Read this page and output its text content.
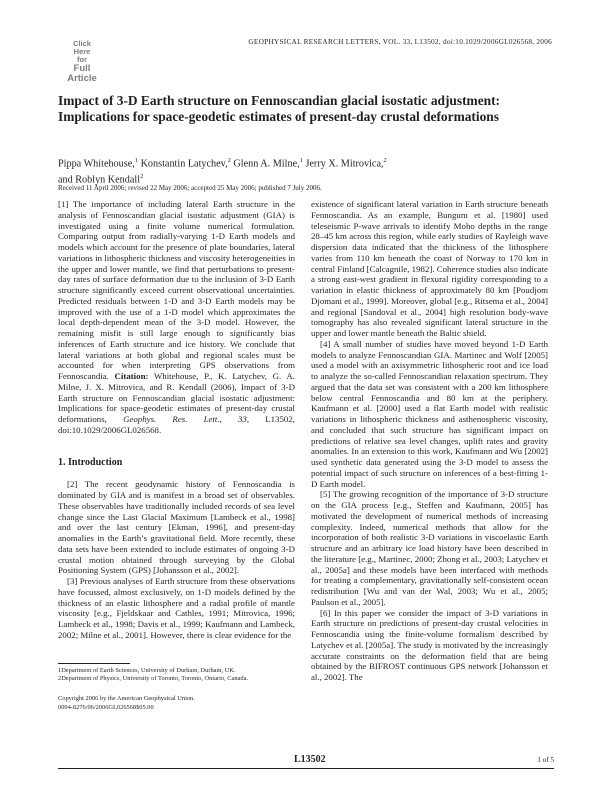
Click
Here
for
Full
Article
GEOPHYSICAL RESEARCH LETTERS, VOL. 33, L13502, doi:10.1029/2006GL026568, 2006
Impact of 3-D Earth structure on Fennoscandian glacial isostatic adjustment: Implications for space-geodetic estimates of present-day crustal deformations
Pippa Whitehouse,$^1$ Konstantin Latychev,$^2$ Glenn A. Milne,$^1$ Jerry X. Mitrovica,$^2$
and Roblyn Kendall$^2$
Received 11 April 2006; revised 22 May 2006; accepted 25 May 2006; published 7 July 2006.

[1] The importance of including lateral Earth structure in the analysis of Fennoscandian glacial isostatic adjustment (GIA) is investigated using a finite volume numerical formulation. Comparing output from radially-varying 1-D Earth models and models which account for the presence of plate boundaries, lateral variations in lithospheric thickness and viscosity heterogeneities in the upper and lower mantle, we find that perturbations to present-day rates of surface deformation due to the inclusion of 3-D Earth structure significantly exceed current observational uncertainties. Predicted residuals between 1-D and 3-D Earth models may be improved with the use of a 1-D model which approximates the local depth-dependent mean of the 3-D model. However, the remaining misfit is still large enough to significantly bias inferences of Earth structure and ice history. We conclude that lateral variations at both global and regional scales must be accounted for when interpreting GPS observations from Fennoscandia. Citation: Whitehouse, P., K. Latychev, G. A. Milne, J. X. Mitrovica, and R. Kendall (2006), Impact of 3-D Earth structure on Fennoscandian glacial isostatic adjustment: Implications for space-geodetic estimates of present-day crustal deformations, Geophys. Res. Lett., 33, L13502, doi:10.1029/2006GL026568.

1. Introduction

[2] The recent geodynamic history of Fennoscandia is dominated by GIA and is manifest in a broad set of observables. These observables have traditionally included records of sea level change since the Last Glacial Maximum [Lambeck et al., 1998] and over the last century [Ekman, 1996], and present-day anomalies in the Earth’s gravitational field. More recently, these data sets have been extended to include estimates of ongoing 3-D crustal motion obtained through surveying by the Global Positioning System (GPS) [Johansson et al., 2002].

[3] Previous analyses of Earth structure from these observations have focussed, almost exclusively, on 1-D models defined by the thickness of an elastic lithosphere and a radial profile of mantle viscosity [e.g., Fjeldskaar and Cathles, 1991; Mitrovica, 1996; Lambeck et al., 1998; Davis et al., 1999; Kaufmann and Lambeck, 2002; Milne et al., 2001]. However, there is clear evidence for the

existence of significant lateral variation in Earth structure beneath Fennoscandia. As an example, Bungum et al. [1980] used teleseismic P-wave arrivals to identify Moho depths in the range 28–45 km across this region, while early studies of Rayleigh wave dispersion data indicated that the thickness of the lithosphere varies from 110 km beneath the coast of Norway to 170 km in central Finland [Calcagnile, 1982]. Coherence studies also indicate a strong east-west gradient in flexural rigidity corresponding to a variation in elastic thickness of approximately 80 km [Poudjom Djomani et al., 1999]. Moreover, global [e.g., Ritsema et al., 2004] and regional [Sandoval et al., 2004] high resolution body-wave tomography has also revealed significant lateral structure in the upper and lower mantle beneath the Baltic shield.

[4] A small number of studies have moved beyond 1-D Earth models to analyze Fennoscandian GIA. Martinec and Wolf [2005] used a model with an axisymmetric lithospheric root and ice load to analyze the so-called Fennoscandian relaxation spectrum. They argued that the data set was consistent with a 200 km lithosphere below central Fennoscandia and 80 km at the periphery. Kaufmann et al. [2000] used a flat Earth model with realistic variations in lithospheric thickness and asthenospheric viscosity, and concluded that such structure has significant impact on predictions of relative sea level changes, uplift rates and gravity anomalies. In an extension to this work, Kaufmann and Wu [2002] used synthetic data generated using the 3-D model to assess the potential impact of such structure on inferences of a best-fitting 1-D Earth model.

[5] The growing recognition of the importance of 3-D structure on the GIA process [e.g., Steffen and Kaufmann, 2005] has motivated the development of numerical methods of increasing complexity. Indeed, numerical methods that allow for the incorporation of both realistic 3-D variations in viscoelastic Earth structure and an arbitrary ice load history have been described in the literature [e.g., Martinec, 2000; Zhong et al., 2003; Latychev et al., 2005a] and these models have been interfaced with methods for treating a complementary, gravitationally self-consistent ocean redistribution [Wu and van der Wal, 2003; Wu et al., 2005; Paulson et al., 2005].

[6] In this paper we consider the impact of 3-D variations in Earth structure on predictions of present-day crustal velocities in Fennoscandia using the finite-volume formalism described by Latychev et al. [2005a]. The study is motivated by the increasingly accurate constraints on the deformation field that are being obtained by the BIFROST continuous GPS network [Johansson et al., 2002]. The

1Department of Earth Sciences, University of Durham, Durham, UK.

2Department of Physics, University of Toronto, Toronto, Ontario, Canada.

Copyright 2006 by the American Geophysical Union.

0094-8276/06/2006GL026568$05.00

L13502	1 of 5
